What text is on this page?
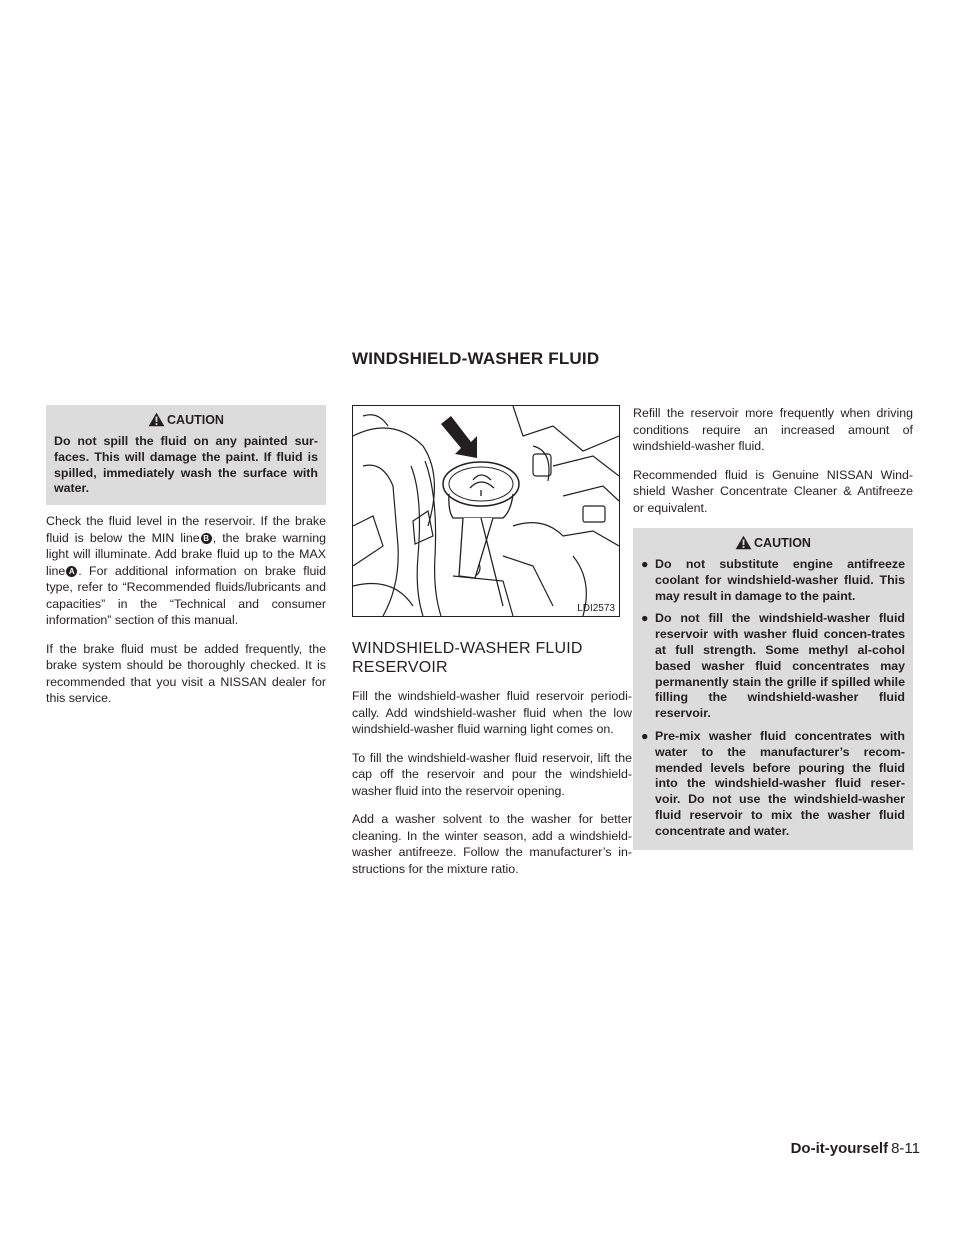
WINDSHIELD-WASHER FLUID
CAUTION
Do not spill the fluid on any painted sur-faces. This will damage the paint. If fluid is spilled, immediately wash the surface with water.

Check the fluid level in the reservoir. If the brake fluid is below the MIN line B , the brake warning light will illuminate. Add brake fluid up to the MAX line A . For additional information on brake fluid type, refer to “Recommended fluids/lubricants and capacities” in the “Technical and consumer information” section of this manual.

If the brake fluid must be added frequently, the brake system should be thoroughly checked. It is recommended that you visit a NISSAN dealer for this service.

LDI2573
WINDSHIELD-WASHER FLUID RESERVOIR

Fill the windshield-washer fluid reservoir periodi-cally. Add windshield-washer fluid when the low windshield-washer fluid warning light comes on.

To fill the windshield-washer fluid reservoir, lift the cap off the reservoir and pour the windshield-washer fluid into the reservoir opening.

Add a washer solvent to the washer for better cleaning. In the winter season, add a windshield-washer antifreeze. Follow the manufacturer’s in-structions for the mixture ratio.

Refill the reservoir more frequently when driving conditions require an increased amount of windshield-washer fluid.

Recommended fluid is Genuine NISSAN Wind-shield Washer Concentrate Cleaner & Antifreeze or equivalent.

CAUTION
● Do not substitute engine antifreeze coolant for windshield-washer fluid. This may result in damage to the paint.
● Do not fill the windshield-washer fluid reservoir with washer fluid concen-trates at full strength. Some methyl al-cohol based washer fluid concentrates may permanently stain the grille if spilled while filling the windshield-washer fluid reservoir.
● Pre-mix washer fluid concentrates with water to the manufacturer’s recom-mended levels before pouring the fluid into the windshield-washer fluid reser-voir. Do not use the windshield-washer fluid reservoir to mix the washer fluid concentrate and water.
Do-it-yourself 8-11
